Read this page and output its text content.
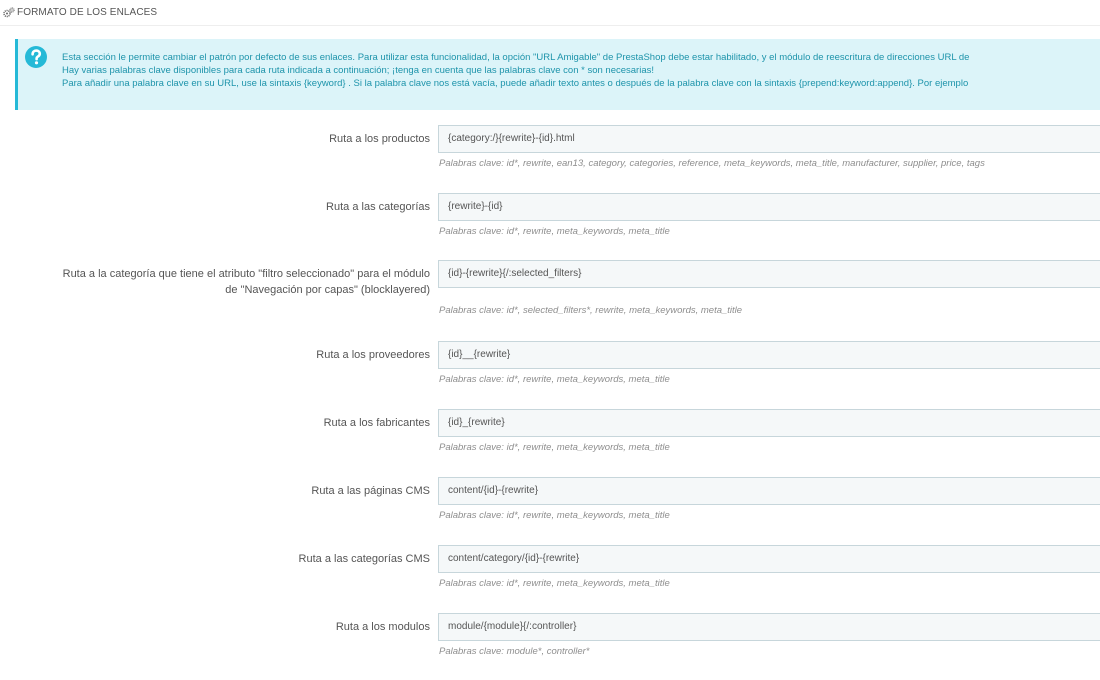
FORMATO DE LOS ENLACES
Esta sección le permite cambiar el patrón por defecto de sus enlaces. Para utilizar esta funcionalidad, la opción "URL Amigable" de PrestaShop debe estar habilitado, y el módulo de reescritura de direcciones URL de
Hay varias palabras clave disponibles para cada ruta indicada a continuación; ¡tenga en cuenta que las palabras clave con * son necesarias!
Para añadir una palabra clave en su URL, use la sintaxis {keyword} . Si la palabra clave nos está vacía, puede añadir texto antes o después de la palabra clave con la sintaxis {prepend:keyword:append}. Por ejemplo
Ruta a los productos	{category:/}{rewrite}-{id}.html
Palabras clave: id*, rewrite, ean13, category, categories, reference, meta_keywords, meta_title, manufacturer, supplier, price, tags
Ruta a las categorías	{rewrite}-{id}
Palabras clave: id*, rewrite, meta_keywords, meta_title
Ruta a la categoría que tiene el atributo "filtro seleccionado" para el módulo
de "Navegación por capas" (blocklayered)
{id}-{rewrite}{/:selected_filters}
Palabras clave: id*, selected_filters*, rewrite, meta_keywords, meta_title
Ruta a los proveedores	{id}__{rewrite}
Palabras clave: id*, rewrite, meta_keywords, meta_title
Ruta a los fabricantes	{id}_{rewrite}
Palabras clave: id*, rewrite, meta_keywords, meta_title
Ruta a las páginas CMS	content/{id}-{rewrite}
Palabras clave: id*, rewrite, meta_keywords, meta_title
Ruta a las categorías CMS	content/category/{id}-{rewrite}
Palabras clave: id*, rewrite, meta_keywords, meta_title
Ruta a los modulos	module/{module}{/:controller}
Palabras clave: module*, controller*
